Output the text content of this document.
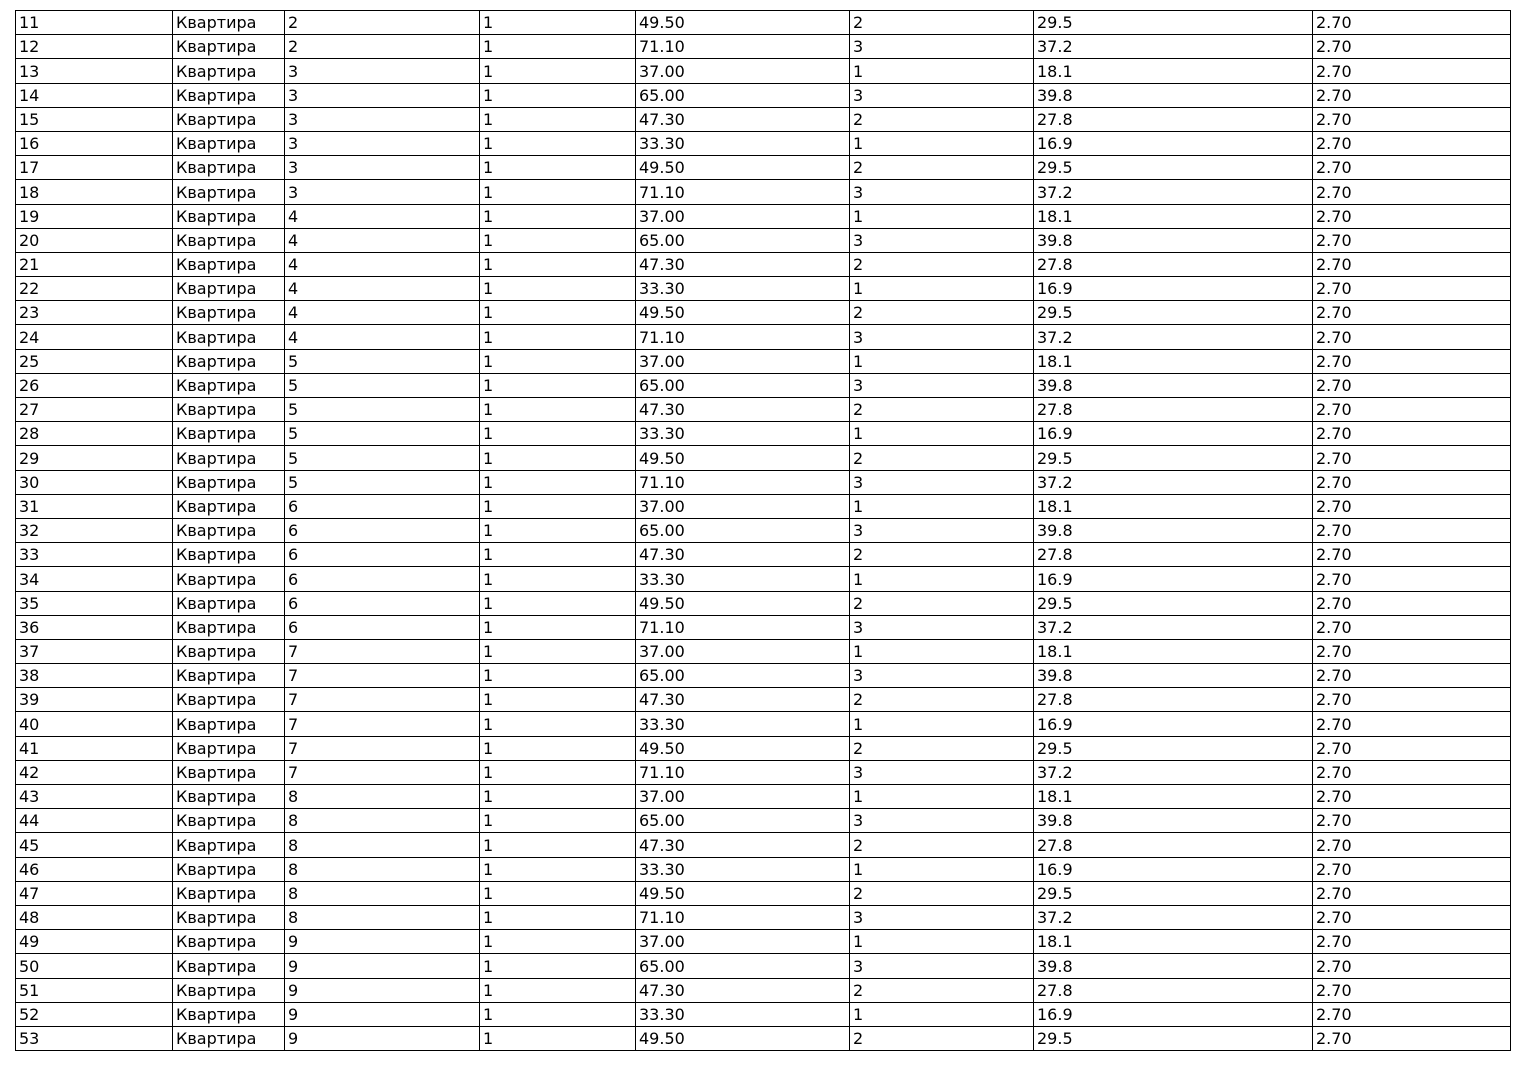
11	Квартира	2	1	49.50	2	29.5	2.70
12	Квартира	2	1	71.10	3	37.2	2.70
13	Квартира	3	1	37.00	1	18.1	2.70
14	Квартира	3	1	65.00	3	39.8	2.70
15	Квартира	3	1	47.30	2	27.8	2.70
16	Квартира	3	1	33.30	1	16.9	2.70
17	Квартира	3	1	49.50	2	29.5	2.70
18	Квартира	3	1	71.10	3	37.2	2.70
19	Квартира	4	1	37.00	1	18.1	2.70
20	Квартира	4	1	65.00	3	39.8	2.70
21	Квартира	4	1	47.30	2	27.8	2.70
22	Квартира	4	1	33.30	1	16.9	2.70
23	Квартира	4	1	49.50	2	29.5	2.70
24	Квартира	4	1	71.10	3	37.2	2.70
25	Квартира	5	1	37.00	1	18.1	2.70
26	Квартира	5	1	65.00	3	39.8	2.70
27	Квартира	5	1	47.30	2	27.8	2.70
28	Квартира	5	1	33.30	1	16.9	2.70
29	Квартира	5	1	49.50	2	29.5	2.70
30	Квартира	5	1	71.10	3	37.2	2.70
31	Квартира	6	1	37.00	1	18.1	2.70
32	Квартира	6	1	65.00	3	39.8	2.70
33	Квартира	6	1	47.30	2	27.8	2.70
34	Квартира	6	1	33.30	1	16.9	2.70
35	Квартира	6	1	49.50	2	29.5	2.70
36	Квартира	6	1	71.10	3	37.2	2.70
37	Квартира	7	1	37.00	1	18.1	2.70
38	Квартира	7	1	65.00	3	39.8	2.70
39	Квартира	7	1	47.30	2	27.8	2.70
40	Квартира	7	1	33.30	1	16.9	2.70
41	Квартира	7	1	49.50	2	29.5	2.70
42	Квартира	7	1	71.10	3	37.2	2.70
43	Квартира	8	1	37.00	1	18.1	2.70
44	Квартира	8	1	65.00	3	39.8	2.70
45	Квартира	8	1	47.30	2	27.8	2.70
46	Квартира	8	1	33.30	1	16.9	2.70
47	Квартира	8	1	49.50	2	29.5	2.70
48	Квартира	8	1	71.10	3	37.2	2.70
49	Квартира	9	1	37.00	1	18.1	2.70
50	Квартира	9	1	65.00	3	39.8	2.70
51	Квартира	9	1	47.30	2	27.8	2.70
52	Квартира	9	1	33.30	1	16.9	2.70
53	Квартира	9	1	49.50	2	29.5	2.70
